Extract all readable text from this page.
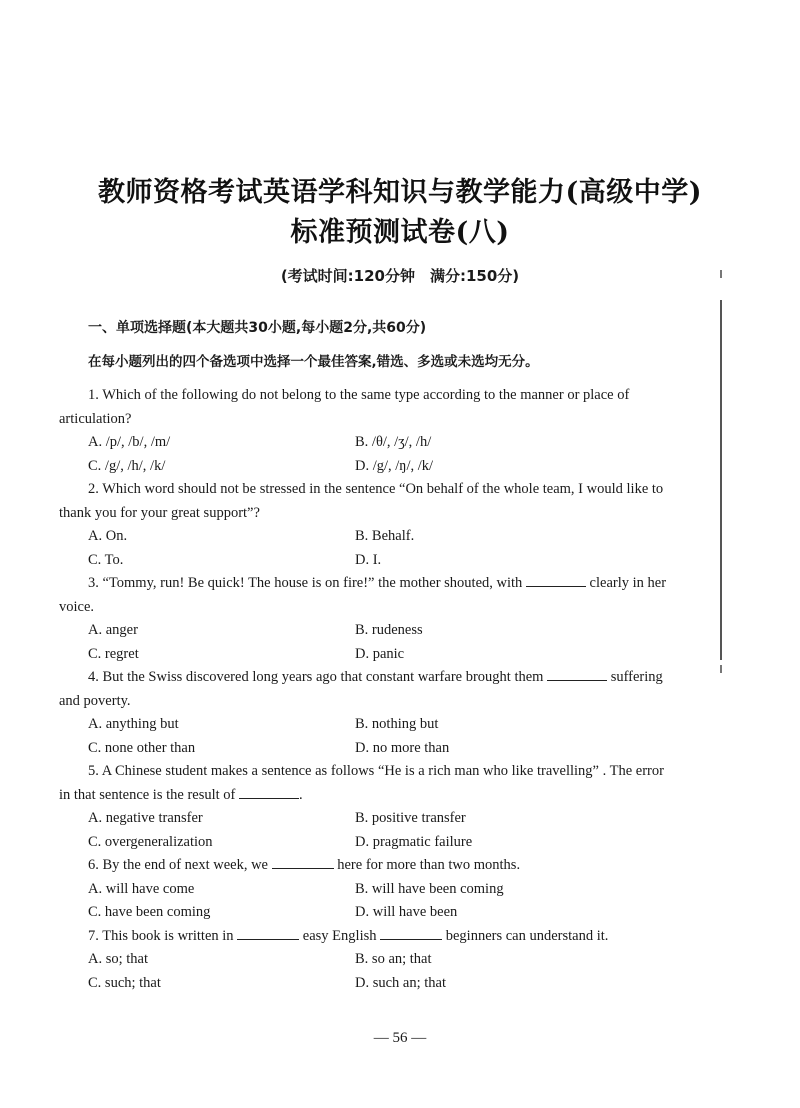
教师资格考试英语学科知识与教学能力(高级中学)
标准预测试卷(八)
(考试时间:120分钟　满分:150分)
一、单项选择题(本大题共30小题,每小题2分,共60分)
在每小题列出的四个备选项中选择一个最佳答案,错选、多选或未选均无分。

1. Which of the following do not belong to the same type according to the manner or place of articulation?

A. /p/, /b/, /m/	B. /θ/, /ʒ/, /h/
C. /g/, /h/, /k/	D. /g/, /ŋ/, /k/

2. Which word should not be stressed in the sentence “On behalf of the whole team, I would like to thank you for your great support”?

A. On.	B. Behalf.
C. To.	D. I.

3. “Tommy, run! Be quick! The house is on fire!” the mother shouted, with	clearly in her voice.

A. anger	B. rudeness
C. regret	D. panic

4. But the Swiss discovered long years ago that constant warfare brought them	suffering and poverty.

A. anything but	B. nothing but
C. none other than	D. no more than

5. A Chinese student makes a sentence as follows “He is a rich man who like travelling” . The error in that sentence is the result of	.

A. negative transfer	B. positive transfer
C. overgeneralization	D. pragmatic failure

6. By the end of next week, we	here for more than two months.

A. will have come	B. will have been coming
C. have been coming	D. will have been

7. This book is written in	easy English	beginners can understand it.

A. so; that	B. so an; that
C. such; that	D. such an; that
— 56 —
